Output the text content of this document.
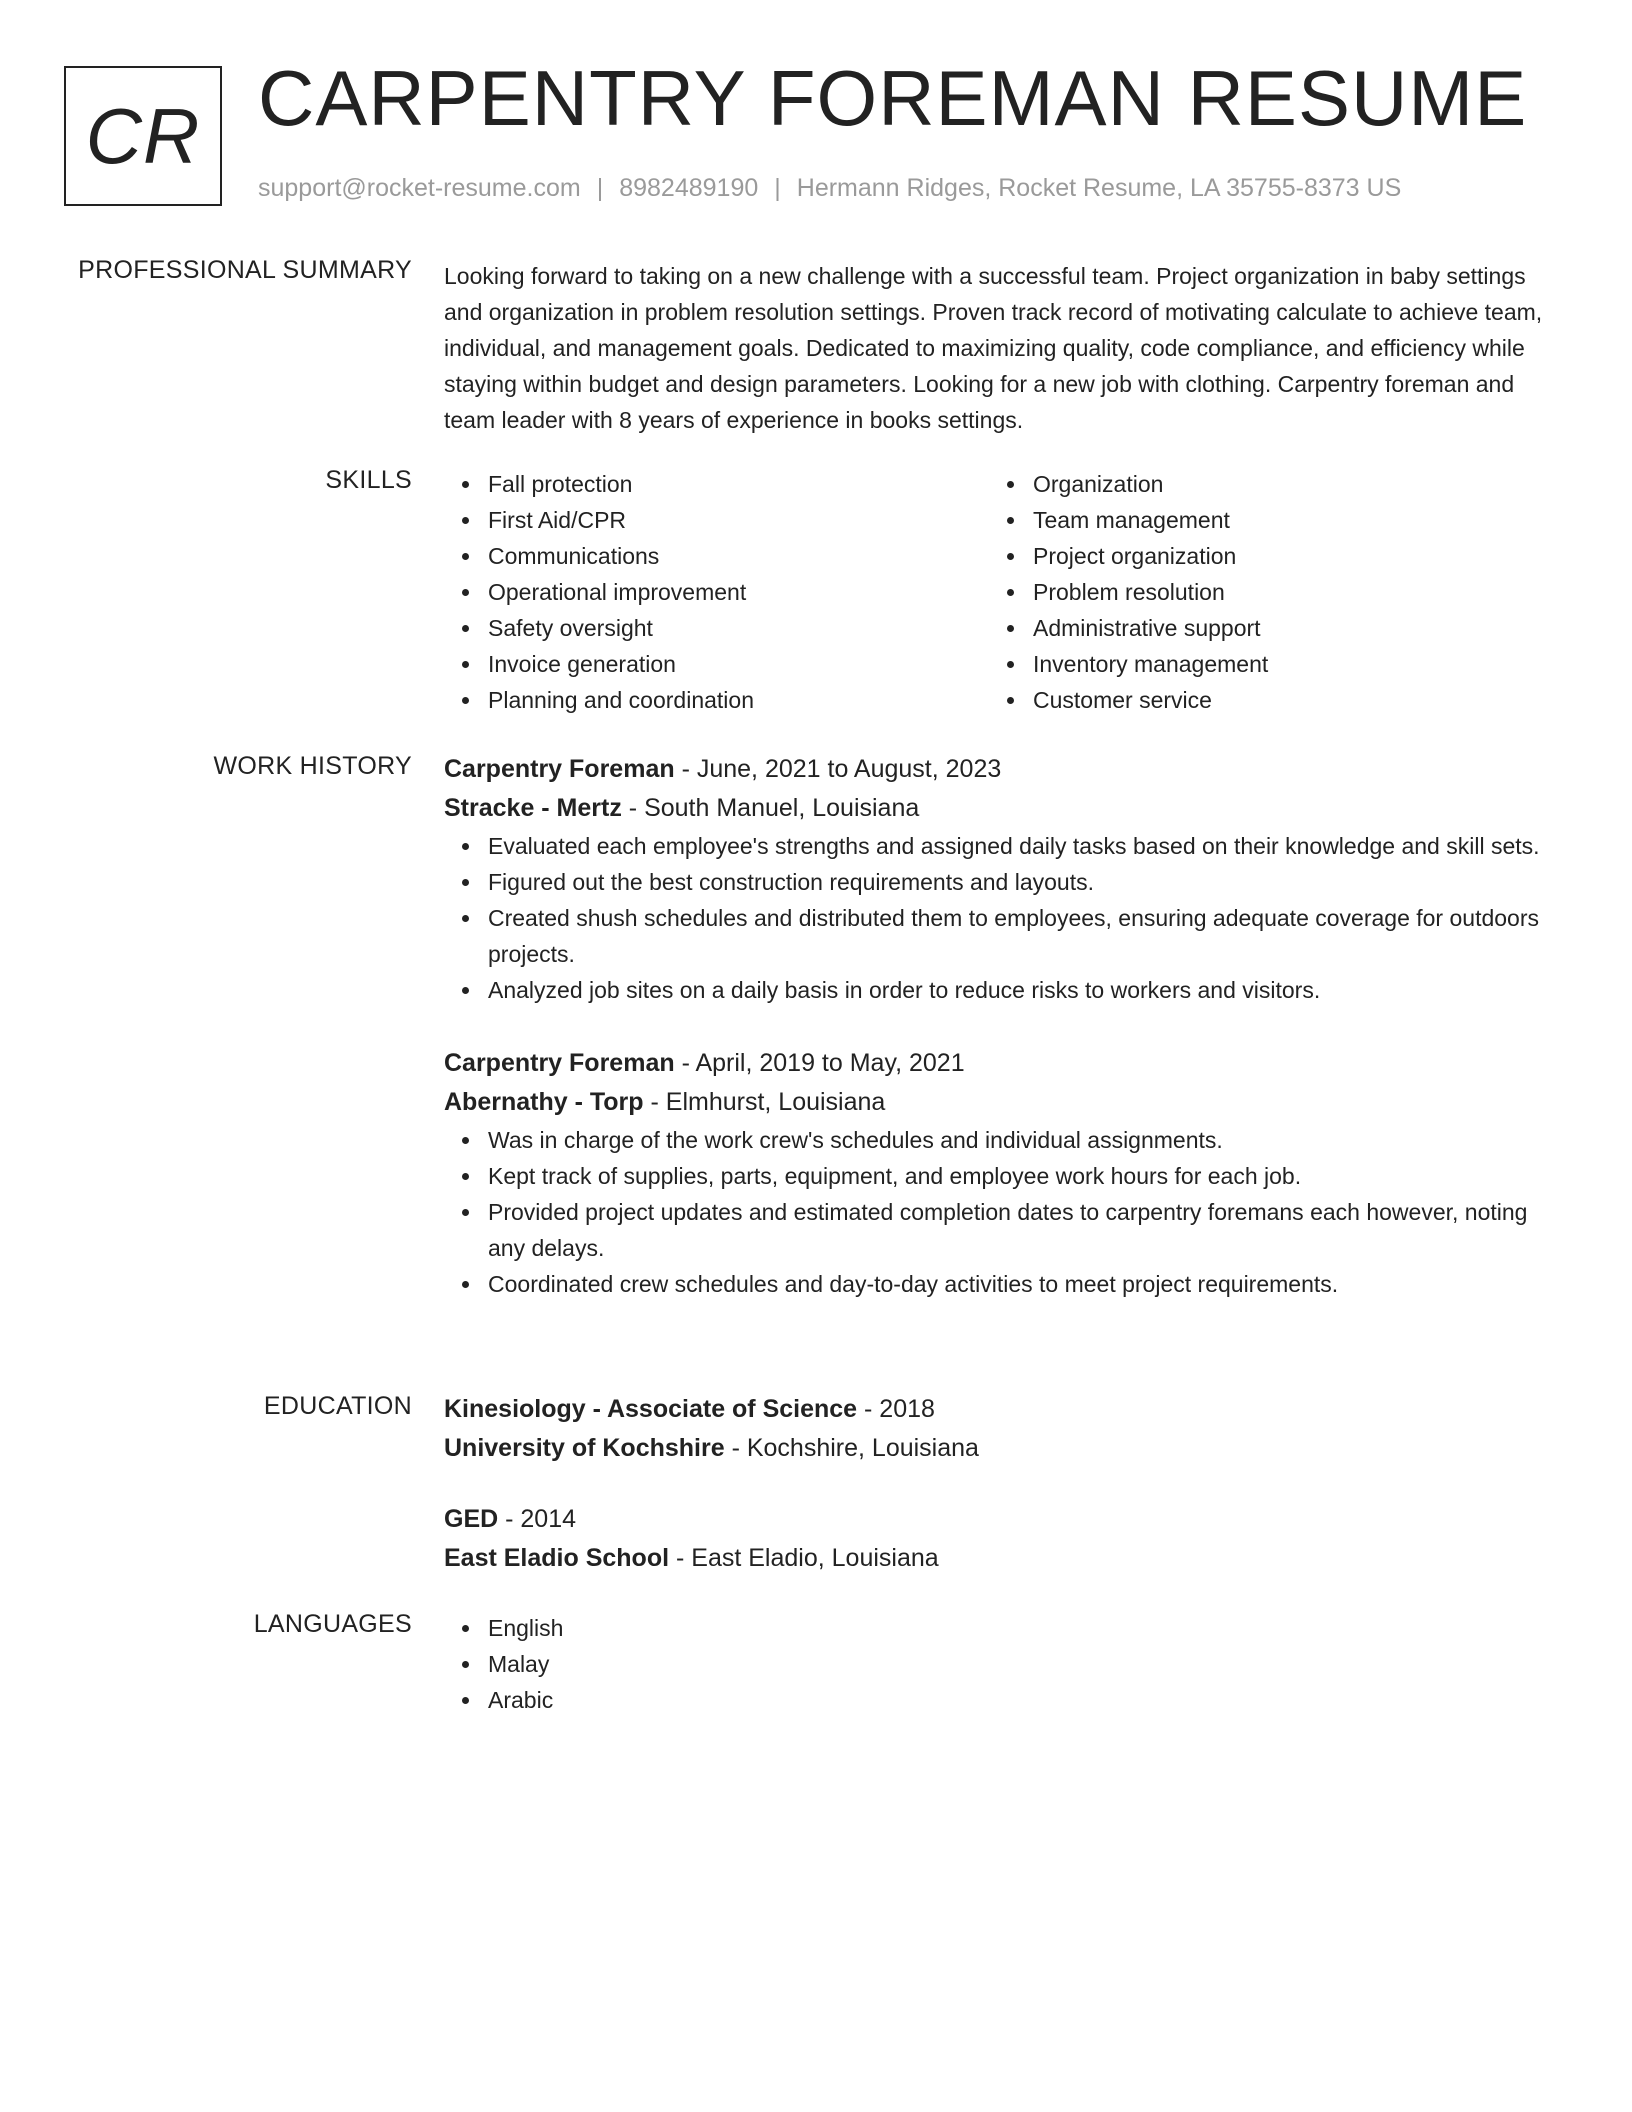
CR CARPENTRY FOREMAN RESUME
support@rocket-resume.com | 8982489190 | Hermann Ridges, Rocket Resume, LA 35755-8373 US
PROFESSIONAL SUMMARY Looking forward to taking on a new challenge with a successful team. Project organization in baby settings and organization in problem resolution settings. Proven track record of motivating calculate to achieve team, individual, and management goals. Dedicated to maximizing quality, code compliance, and efficiency while staying within budget and design parameters. Looking for a new job with clothing. Carpentry foreman and team leader with 8 years of experience in books settings.

SKILLS	Fall protection
First Aid/CPR
Communications
Operational improvement
Safety oversight
Invoice generation
Planning and coordination
Organization
Team management
Project organization
Problem resolution
Administrative support
Inventory management
Customer service
WORK HISTORY Carpentry Foreman - June, 2021 to August, 2023
Stracke - Mertz - South Manuel, Louisiana
Evaluated each employee's strengths and assigned daily tasks based on their knowledge and skill sets.
Figured out the best construction requirements and layouts.
Created shush schedules and distributed them to employees, ensuring adequate coverage for outdoors projects.
Analyzed job sites on a daily basis in order to reduce risks to workers and visitors.
Carpentry Foreman - April, 2019 to May, 2021
Abernathy - Torp - Elmhurst, Louisiana
Was in charge of the work crew's schedules and individual assignments.
Kept track of supplies, parts, equipment, and employee work hours for each job.
Provided project updates and estimated completion dates to carpentry foremans each however, noting any delays.
Coordinated crew schedules and day-to-day activities to meet project requirements.
EDUCATION Kinesiology - Associate of Science - 2018
University of Kochshire - Kochshire, Louisiana
GED - 2014
East Eladio School - East Eladio, Louisiana
LANGUAGES	English
Malay
Arabic
